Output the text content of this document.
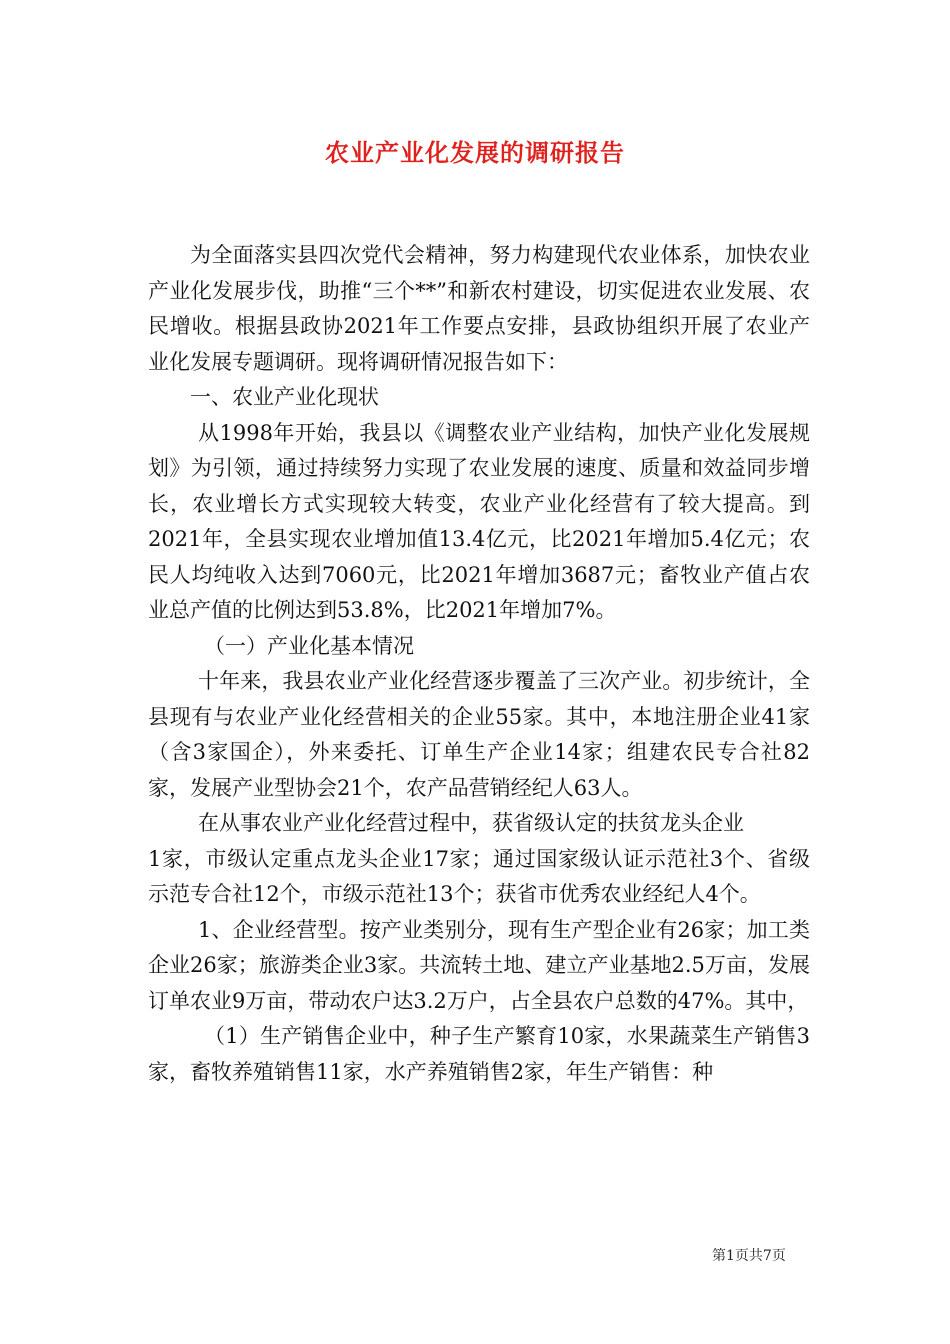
农业产业化发展的调研报告

为全面落实县四次党代会精神，努力构建现代农业体系，加快农业产业化发展步伐，助推“三个**”和新农村建设，切实促进农业发展、农民增收。根据县政协2021年工作要点安排，县政协组织开展了农业产业化发展专题调研。现将调研情况报告如下：

一、农业产业化现状

从1998年开始，我县以《调整农业产业结构，加快产业化发展规划》为引领，通过持续努力实现了农业发展的速度、质量和效益同步增长，农业增长方式实现较大转变，农业产业化经营有了较大提高。到2021年，全县实现农业增加值13.4亿元，比2021年增加5.4亿元；农民人均纯收入达到7060元，比2021年增加3687元；畜牧业产值占农业总产值的比例达到53.8%，比2021年增加7%。

（一）产业化基本情况

十年来，我县农业产业化经营逐步覆盖了三次产业。初步统计，全县现有与农业产业化经营相关的企业55家。其中，本地注册企业41家（含3家国企），外来委托、订单生产企业14家；组建农民专合社82家，发展产业型协会21个，农产品营销经纪人63人。

在从事农业产业化经营过程中，获省级认定的扶贫龙头企业

1家，市级认定重点龙头企业17家；通过国家级认证示范社3个、省级示范专合社12个，市级示范社13个；获省市优秀农业经纪人4个。

1、企业经营型。按产业类别分，现有生产型企业有26家；加工类企业26家；旅游类企业3家。共流转土地、建立产业基地2.5万亩，发展订单农业9万亩，带动农户达3.2万户，占全县农户总数的47%。其中，

（1）生产销售企业中，种子生产繁育10家，水果蔬菜生产销售3家，畜牧养殖销售11家，水产养殖销售2家，年生产销售：种

第1页共7页
